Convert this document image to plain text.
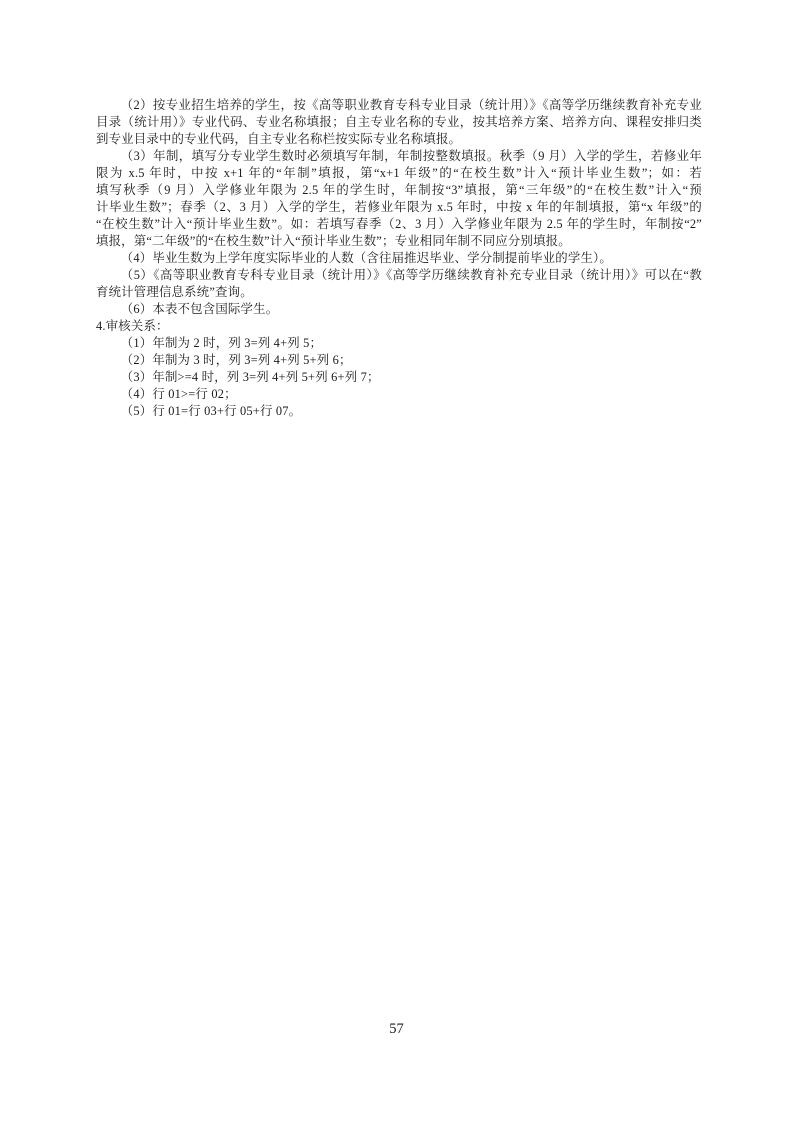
（2）按专业招生培养的学生，按《高等职业教育专科专业目录（统计用）》《高等学历继续教育补充专业
目录（统计用）》专业代码、专业名称填报；自主专业名称的专业，按其培养方案、培养方向、课程安排归类
到专业目录中的专业代码，自主专业名称栏按实际专业名称填报。
（3）年制，填写分专业学生数时必须填写年制，年制按整数填报。秋季（9 月）入学的学生，若修业年
限为 x.5 年时，中按 x+1 年的“年制”填报，第“x+1 年级”的“在校生数”计入“预计毕业生数”；如：若
填写秋季（9 月）入学修业年限为 2.5 年的学生时，年制按“3”填报，第“三年级”的“在校生数”计入“预
计毕业生数”；春季（2、3 月）入学的学生，若修业年限为 x.5 年时，中按 x 年的年制填报，第“x 年级”的
“在校生数”计入“预计毕业生数”。如：若填写春季（2、3 月）入学修业年限为 2.5 年的学生时，年制按“2”
填报，第“二年级”的“在校生数”计入“预计毕业生数”；专业相同年制不同应分别填报。
（4）毕业生数为上学年度实际毕业的人数（含往届推迟毕业、学分制提前毕业的学生）。
（5）《高等职业教育专科专业目录（统计用）》《高等学历继续教育补充专业目录（统计用）》可以在“教
育统计管理信息系统”查询。
（6）本表不包含国际学生。
4.审核关系：
（1）年制为 2 时，列 3=列 4+列 5；
（2）年制为 3 时，列 3=列 4+列 5+列 6；
（3）年制>=4 时，列 3=列 4+列 5+列 6+列 7；
（4）行 01>=行 02；
（5）行 01=行 03+行 05+行 07。
57
